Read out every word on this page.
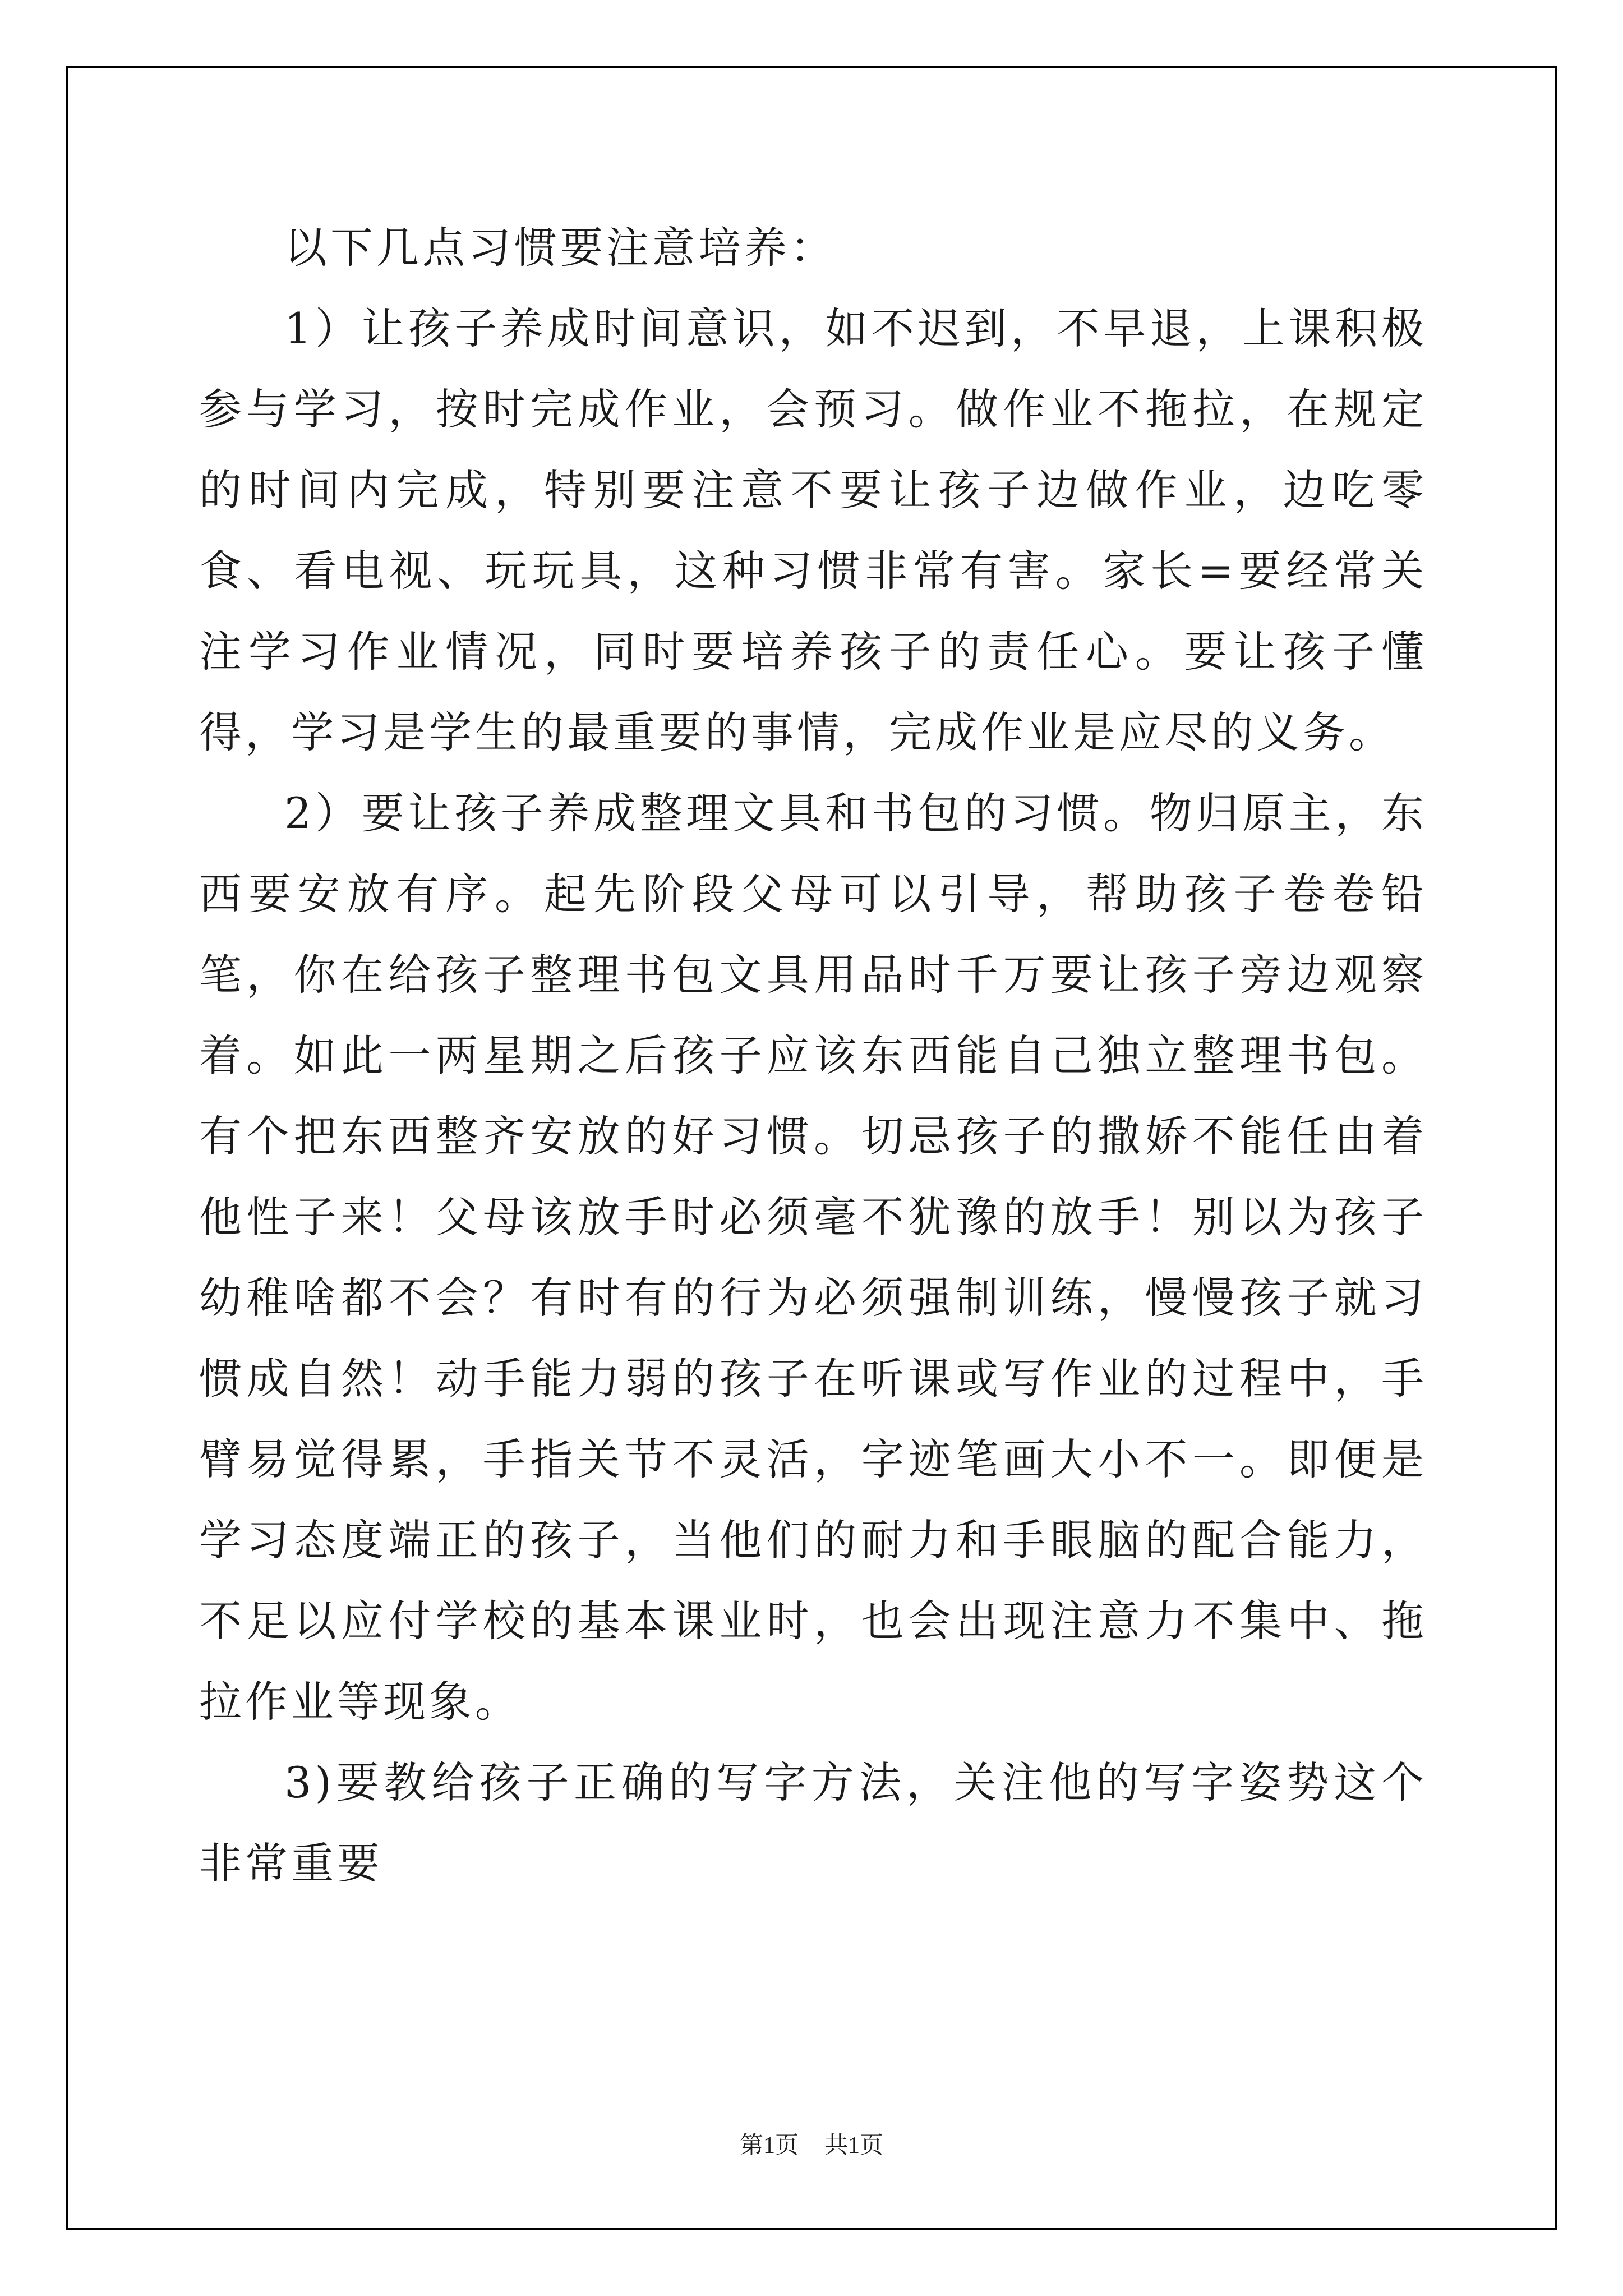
以下几点习惯要注意培养：

1）让孩子养成时间意识，如不迟到，不早退，上课积极参与学习，按时完成作业，会预习。做作业不拖拉，在规定的时间内完成，特别要注意不要让孩子边做作业，边吃零食、看电视、玩玩具，这种习惯非常有害。家长=要经常关注学习作业情况，同时要培养孩子的责任心。要让孩子懂得，学习是学生的最重要的事情，完成作业是应尽的义务。

2）要让孩子养成整理文具和书包的习惯。物归原主，东西要安放有序。起先阶段父母可以引导，帮助孩子卷卷铅笔，你在给孩子整理书包文具用品时千万要让孩子旁边观察着。如此一两星期之后孩子应该东西能自己独立整理书包。有个把东西整齐安放的好习惯。切忌孩子的撒娇不能任由着他性子来！父母该放手时必须毫不犹豫的放手！别以为孩子幼稚啥都不会？有时有的行为必须强制训练，慢慢孩子就习惯成自然！动手能力弱的孩子在听课或写作业的过程中，手臂易觉得累，手指关节不灵活，字迹笔画大小不一。即便是学习态度端正的孩子，当他们的耐力和手眼脑的配合能力，不足以应付学校的基本课业时，也会出现注意力不集中、拖拉作业等现象。

3)要教给孩子正确的写字方法，关注他的写字姿势这个非常重要

第1页 共1页
